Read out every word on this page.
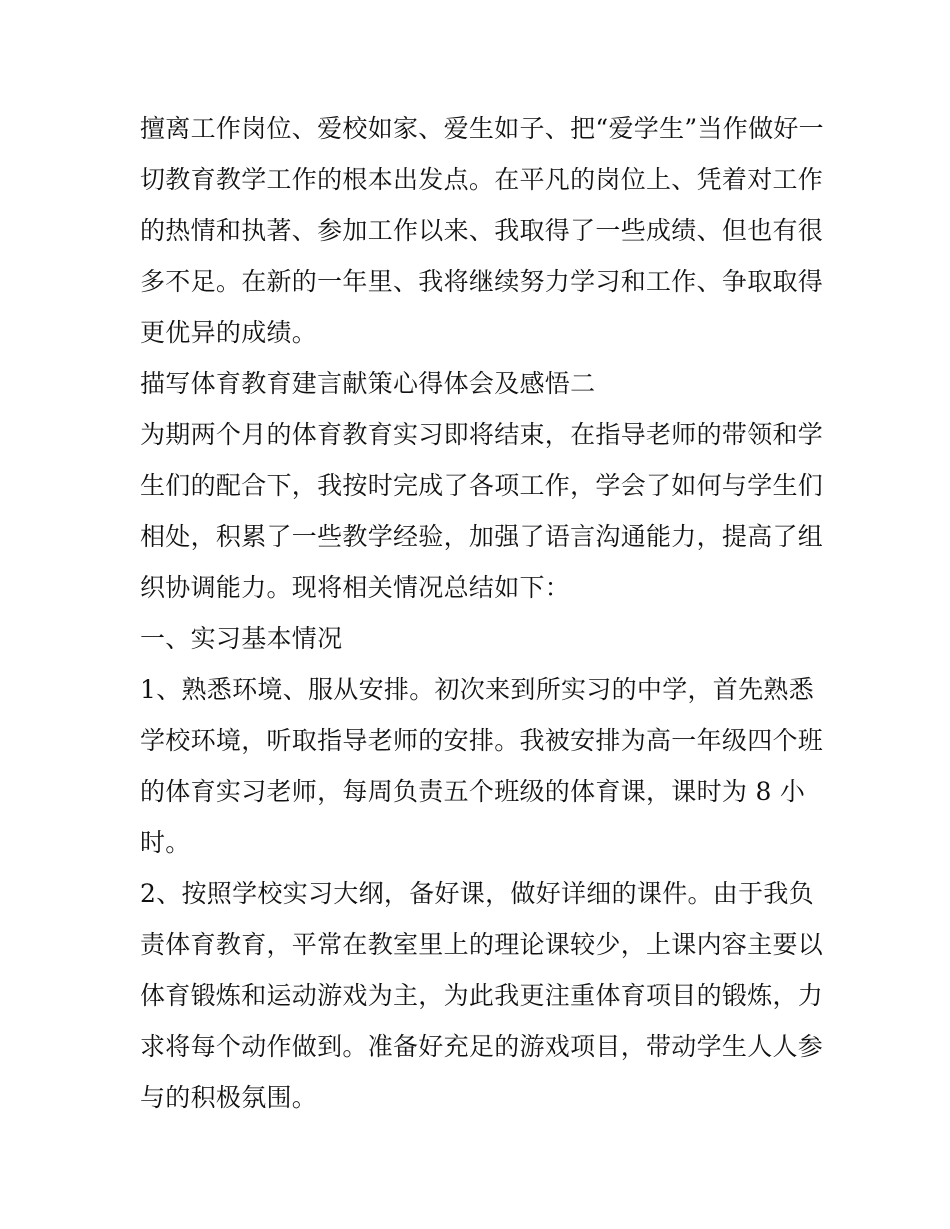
擅离工作岗位、爱校如家、爱生如子、把“爱学生”当作做好一
切教育教学工作的根本出发点。在平凡的岗位上、凭着对工作
的热情和执著、参加工作以来、我取得了一些成绩、但也有很
多不足。在新的一年里、我将继续努力学习和工作、争取取得
更优异的成绩。
描写体育教育建言献策心得体会及感悟二
为期两个月的体育教育实习即将结束，在指导老师的带领和学
生们的配合下，我按时完成了各项工作，学会了如何与学生们
相处，积累了一些教学经验，加强了语言沟通能力，提高了组
织协调能力。现将相关情况总结如下：
一、实习基本情况
1、熟悉环境、服从安排。初次来到所实习的中学，首先熟悉
学校环境，听取指导老师的安排。我被安排为高一年级四个班
的体育实习老师，每周负责五个班级的体育课，课时为 8 小
时。
2、按照学校实习大纲，备好课，做好详细的课件。由于我负
责体育教育，平常在教室里上的理论课较少，上课内容主要以
体育锻炼和运动游戏为主，为此我更注重体育项目的锻炼，力
求将每个动作做到。准备好充足的游戏项目，带动学生人人参
与的积极氛围。
